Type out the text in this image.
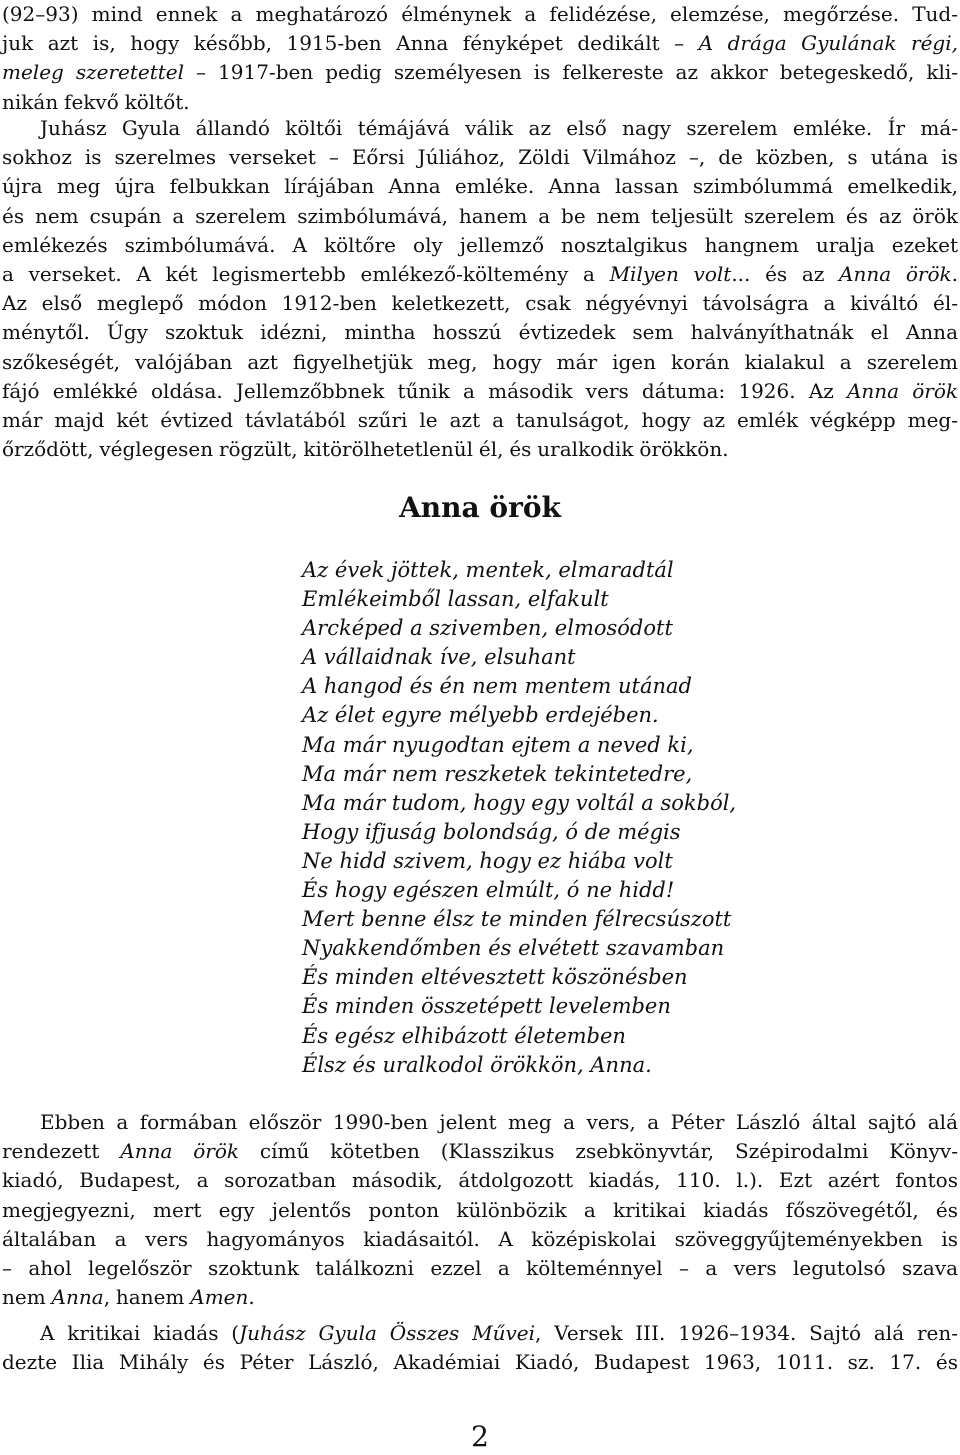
(92–93) mind ennek a meghatározó élménynek a felidézése, elemzése, megőrzése. Tud-
juk azt is, hogy később, 1915-ben Anna fényképet dedikált – A drága Gyulának régi,
meleg szeretettel – 1917-ben pedig személyesen is felkereste az akkor betegeskedő, kli-
nikán fekvő költőt.
Juhász Gyula állandó költői témájává válik az első nagy szerelem emléke. Ír má-
sokhoz is szerelmes verseket – Eőrsi Júliához, Zöldi Vilmához –, de közben, s utána is
újra meg újra felbukkan lírájában Anna emléke. Anna lassan szimbólummá emelkedik,
és nem csupán a szerelem szimbólumává, hanem a be nem teljesült szerelem és az örök
emlékezés szimbólumává. A költőre oly jellemző nosztalgikus hangnem uralja ezeket
a verseket. A két legismertebb emlékező-költemény a Milyen volt... és az Anna örök.
Az első meglepő módon 1912-ben keletkezett, csak négyévnyi távolságra a kiváltó él-
ménytől. Úgy szoktuk idézni, mintha hosszú évtizedek sem halványíthatnák el Anna
szőkeségét, valójában azt figyelhetjük meg, hogy már igen korán kialakul a szerelem
fájó emlékké oldása. Jellemzőbbnek tűnik a második vers dátuma: 1926. Az Anna örök
már majd két évtized távlatából szűri le azt a tanulságot, hogy az emlék végképp meg-
őrződött, véglegesen rögzült, kitörölhetetlenül él, és uralkodik örökkön.
Anna örök
Az évek jöttek, mentek, elmaradtál
Emlékeimből lassan, elfakult
Arcképed a szivemben, elmosódott
A vállaidnak íve, elsuhant
A hangod és én nem mentem utánad
Az élet egyre mélyebb erdejében.
Ma már nyugodtan ejtem a neved ki,
Ma már nem reszketek tekintetedre,
Ma már tudom, hogy egy voltál a sokból,
Hogy ifjuság bolondság, ó de mégis
Ne hidd szivem, hogy ez hiába volt
És hogy egészen elmúlt, ó ne hidd!
Mert benne élsz te minden félrecsúszott
Nyakkendőmben és elvétett szavamban
És minden eltévesztett köszönésben
És minden összetépett levelemben
És egész elhibázott életemben
Élsz és uralkodol örökkön, Anna.
Ebben a formában először 1990-ben jelent meg a vers, a Péter László által sajtó alá
rendezett Anna örök című kötetben (Klasszikus zsebkönyvtár, Szépirodalmi Könyv-
kiadó, Budapest, a sorozatban második, átdolgozott kiadás, 110. l.). Ezt azért fontos
megjegyezni, mert egy jelentős ponton különbözik a kritikai kiadás főszövegétől, és
általában a vers hagyományos kiadásaitól. A középiskolai szöveggyűjteményekben is
– ahol legelőször szoktunk találkozni ezzel a költeménnyel – a vers legutolsó szava
nem Anna, hanem Amen.
A kritikai kiadás (Juhász Gyula Összes Művei, Versek III. 1926–1934. Sajtó alá ren-
dezte Ilia Mihály és Péter László, Akadémiai Kiadó, Budapest 1963, 1011. sz. 17. és
2
